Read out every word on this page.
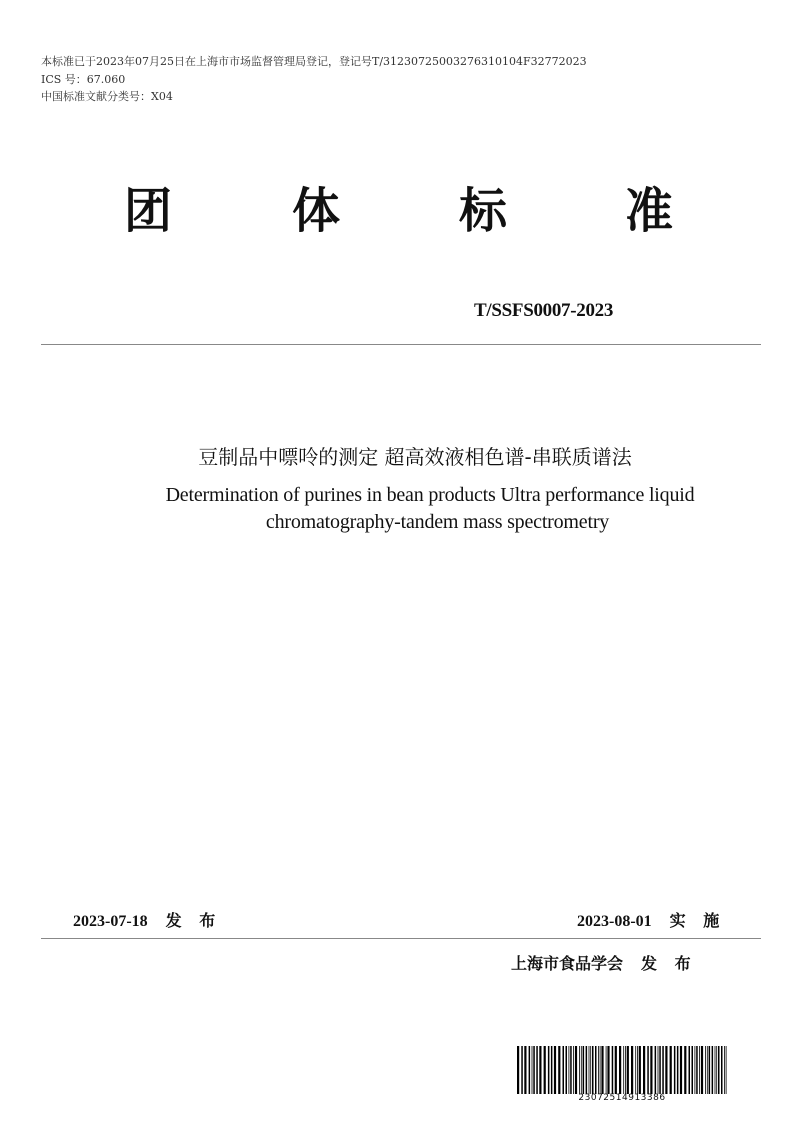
本标准已于2023年07月25日在上海市市场监督管理局登记，登记号T/31230725003276310104F32772023
ICS 号：67.060
中国标准文献分类号：X04
团 体 标 准
T/SSFS0007-2023
豆制品中嘌呤的测定 超高效液相色谱-串联质谱法
Determination of purines in bean products Ultra performance liquid
chromatography-tandem mass spectrometry
2023-07-18 发 布	2023-08-01 实 施
上海市食品学会 发 布
23072514913386
